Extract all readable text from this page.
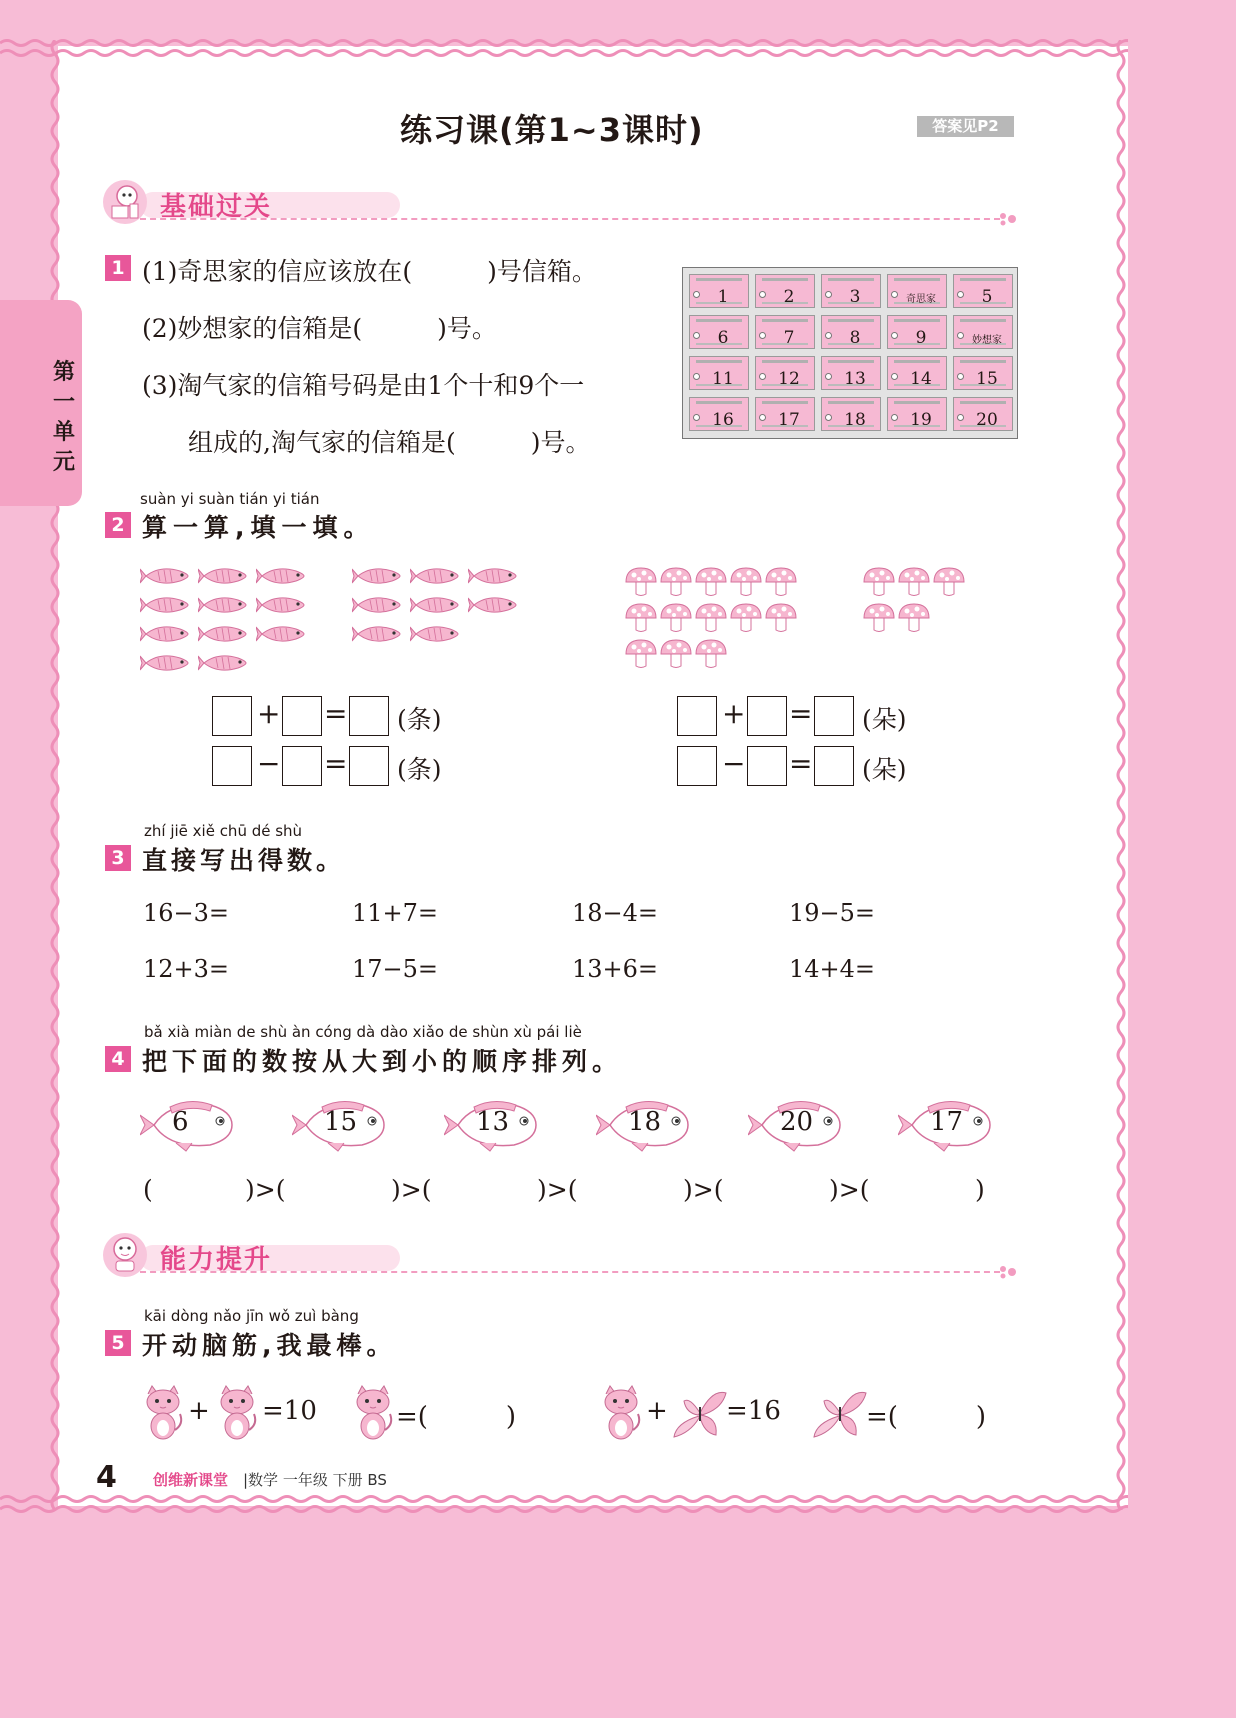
第一单元
练习课(第1~3课时)	答案见P2
基础过关
1 (1)奇思家的信应该放在(　　　)号信箱。
(2)妙想家的信箱是(　　　)号。
(3)淘气家的信箱号码是由1个十和9个一
组成的,淘气家的信箱是(　　　)号。
1	2	3	奇思家	5
6	7	8	9	妙想家
11	12	13	14	15
16	17	18	19	20
suàn yi suàn tián yi tián
2 算一算,填一填。
zhí jiē xiě chū dé shù
3 直接写出得数。
16−3=	11+7=	18−4=	19−5=
12+3=	17−5=	13+6=	14+4=
bǎ xià miàn de shù àn cóng dà dào xiǎo de shùn xù pái liè
4 把下面的数按从大到小的顺序排列。
(	)>(	)>(	)>(	)>(	)>(	)
能力提升
kāi dòng nǎo jīn wǒ zuì bàng
5 开动脑筋,我最棒。
4 创维新课堂 |数学 一年级 下册 BS
+ = (条)
− = (条)
+ = (朵)
− = (朵)
6	15	13	18	20	17
+ =10	=(　　　)	+ =16	=(　　　)
